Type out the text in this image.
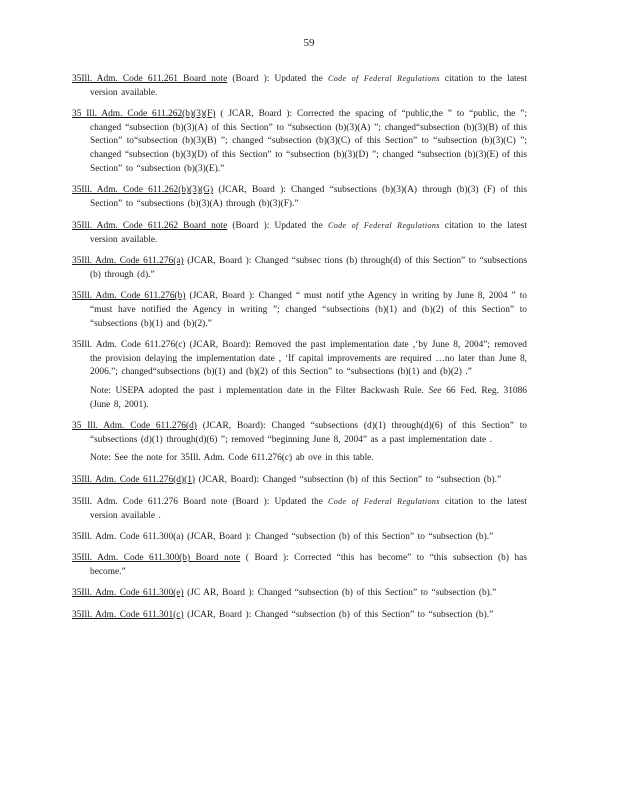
59

35Ill. Adm. Code 611.261 Board note (Board ): Updated the Code of Federal Regulations citation to the latest version available.

35 Ill. Adm. Code 611.262(b)(3)(F) ( JCAR, Board ): Corrected the spacing of “public,the ” to “public, the ”; changed “subsection (b)(3)(A) of this Section” to “subsection (b)(3)(A) ”; changed“subsection (b)(3)(B) of this Section” to“subsection (b)(3)(B) ”; changed “subsection (b)(3)(C) of this Section” to “subsection (b)(3)(C) ”; changed “subsection (b)(3)(D) of this Section” to “subsection (b)(3)(D) ”; changed “subsection (b)(3)(E) of this Section” to “subsection (b)(3)(E).”

35Ill. Adm. Code 611.262(b)(3)(G) (JCAR, Board ): Changed “subsections (b)(3)(A) through (b)(3) (F) of this Section” to “subsections (b)(3)(A) through (b)(3)(F).”

35Ill. Adm. Code 611.262 Board note (Board ): Updated the Code of Federal Regulations citation to the latest version available.

35Ill. Adm. Code 611.276(a) (JCAR, Board ): Changed “subsec tions (b) through(d) of this Section” to “subsections (b) through (d).”

35Ill. Adm. Code 611.276(b) (JCAR, Board ): Changed “ must notif ythe Agency in writing by June 8, 2004 ” to “must have notified the Agency in writing ”; changed “subsections (b)(1) and (b)(2) of this Section” to “subsections (b)(1) and (b)(2).”

35Ill. Adm. Code 611.276(c) (JCAR, Board): Removed the past implementation date ,‘by June 8, 2004”; removed the provision delaying the implementation date , ‘If capital improvements are required …no later than June 8, 2006.”; changed“subsections (b)(1) and (b)(2) of this Section” to “subsections (b)(1) and (b)(2) .”

Note: USEPA adopted the past i mplementation date in the Filter Backwash Rule. See 66 Fed. Reg. 31086 (June 8, 2001).

35 Ill. Adm. Code 611.276(d) (JCAR, Board): Changed “subsections (d)(1) through(d)(6) of this Section” to “subsections (d)(1) through(d)(6) ”; removed “beginning June 8, 2004” as a past implementation date .

Note: See the note for 35Ill. Adm. Code 611.276(c) ab ove in this table.

35Ill. Adm. Code 611.276(d)(1) (JCAR, Board): Changed “subsection (b) of this Section” to “subsection (b).”

35Ill. Adm. Code 611.276 Board note (Board ): Updated the Code of Federal Regulations citation to the latest version available .

35Ill. Adm. Code 611.300(a) (JCAR, Board ): Changed “subsection (b) of this Section” to “subsection (b).”

35Ill. Adm. Code 611.300(b) Board note ( Board ): Corrected “this has become” to “this subsection (b) has become.”

35Ill. Adm. Code 611.300(e) (JC AR, Board ): Changed “subsection (b) of this Section” to “subsection (b).”

35Ill. Adm. Code 611.301(c) (JCAR, Board ): Changed “subsection (b) of this Section” to “subsection (b).”
